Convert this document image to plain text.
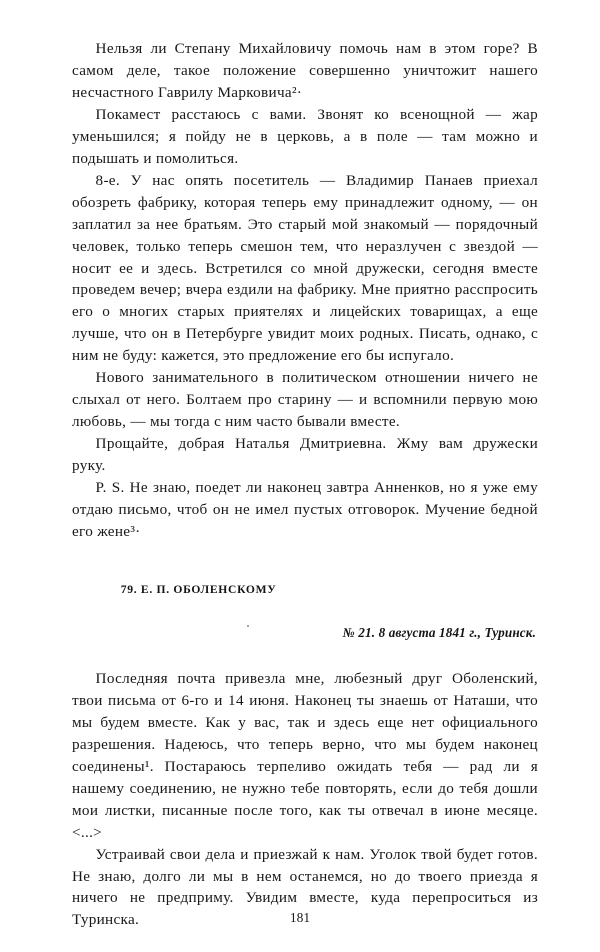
Нельзя ли Степану Михайловичу помочь нам в этом горе? В самом деле, такое положение совершенно уничтожит нашего несчастного Гаврилу Марковича²·

Покамест расстаюсь с вами. Звонят ко всенощной — жар уменьшился; я пойду не в церковь, а в поле — там можно и подышать и помолиться.

8-е. У нас опять посетитель — Владимир Панаев приехал обозреть фабрику, которая теперь ему принадлежит одному, — он заплатил за нее братьям. Это старый мой знакомый — порядочный человек, только теперь смешон тем, что неразлучен с звездой — носит ее и здесь. Встретился со мной дружески, сегодня вместе проведем вечер; вчера ездили на фабрику. Мне приятно расспросить его о многих старых приятелях и лицейских товарищах, а еще лучше, что он в Петербурге увидит моих родных. Писать, однако, с ним не буду: кажется, это предложение его бы испугало.

Нового занимательного в политическом отношении ничего не слыхал от него. Болтаем про старину — и вспомнили первую мою любовь, — мы тогда с ним часто бывали вместе.

Прощайте, добрая Наталья Дмитриевна. Жму вам дружески руку.

P. S. Не знаю, поедет ли наконец завтра Анненков, но я уже ему отдаю письмо, чтоб он не имел пустых отговорок. Мучение бедной его жене³·

79. Е. П. ОБОЛЕНСКОМУ

№ 21. 8 августа 1841 г., Туринск.

Последняя почта привезла мне, любезный друг Оболенский, твои письма от 6-го и 14 июня. Наконец ты знаешь от Наташи, что мы будем вместе. Как у вас, так и здесь еще нет официального разрешения. Надеюсь, что теперь верно, что мы будем наконец соединены¹. Постараюсь терпеливо ожидать тебя — рад ли я нашему соединению, не нужно тебе повторять, если до тебя дошли мои листки, писанные после того, как ты отвечал в июне месяце. <...>

Устраивай свои дела и приезжай к нам. Уголок твой будет готов. Не знаю, долго ли мы в нем останемся, но до твоего приезда я ничего не предприму. Увидим вместе, куда перепроситься из Туринска.	181
